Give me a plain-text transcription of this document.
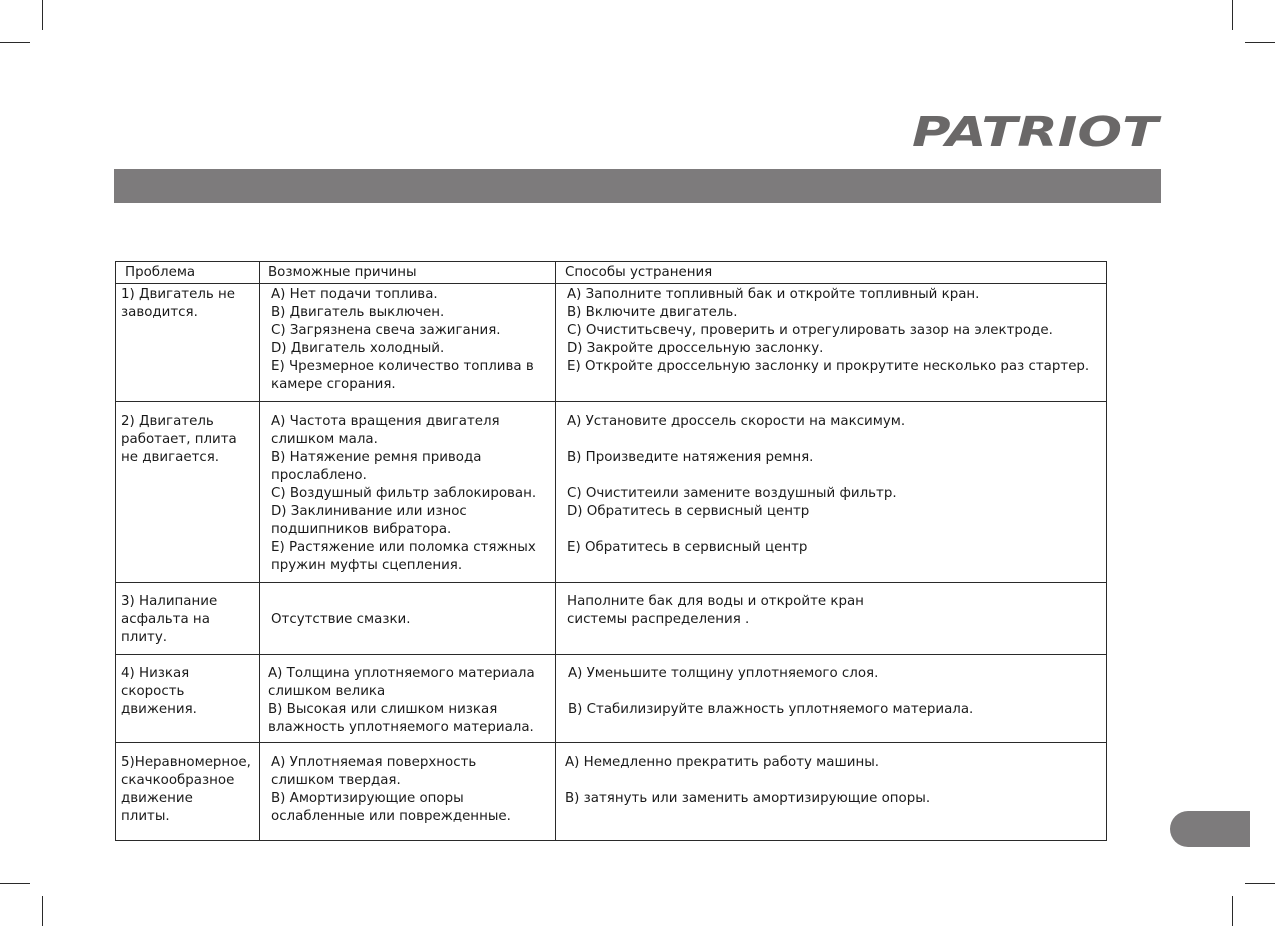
PATRIOT
Проблема	Возможные причины	Способы устранения
1) Двигатель не
заводится.
A) Нет подачи топлива.
B) Двигатель выключен.
C) Загрязнена свеча зажигания.
D) Двигатель холодный.
E) Чрезмерное количество топлива в
камере сгорания.
A) Заполните топливный бак и откройте топливный кран.
B) Включите двигатель.
C) Очиститьсвечу, проверить и отрегулировать зазор на электроде.
D) Закройте дроссельную заслонку.
E) Откройте дроссельную заслонку и прокрутите несколько раз стартер.
2) Двигатель
работает, плита
не двигается.
A) Частота вращения двигателя
слишком мала.
B) Натяжение ремня привода
прослаблено.
C) Воздушный фильтр заблокирован.
D) Заклинивание или износ
подшипников вибратора.
E) Растяжение или поломка стяжных
пружин муфты сцепления.
A) Установите дроссель скорости на максимум.

B) Произведите натяжения ремня.

C) Очиститеили замените воздушный фильтр.
D) Обратитесь в сервисный центр

E) Обратитесь в сервисный центр
3) Налипание
асфальта на
плиту.

Отсутствие смазки.
Наполните бак для воды и откройте кран
системы распределения .
4) Низкая
скорость
движения.
A) Толщина уплотняемого материала
слишком велика
B) Высокая или слишком низкая
влажность уплотняемого материала.
A) Уменьшите толщину уплотняемого слоя.

B) Стабилизируйте влажность уплотняемого материала.
5)Неравномерное,
скачкообразное
движение
плиты.
A) Уплотняемая поверхность
слишком твердая.
B) Амортизирующие опоры
ослабленные или поврежденные.
A) Немедленно прекратить работу машины.

B) затянуть или заменить амортизирующие опоры.
